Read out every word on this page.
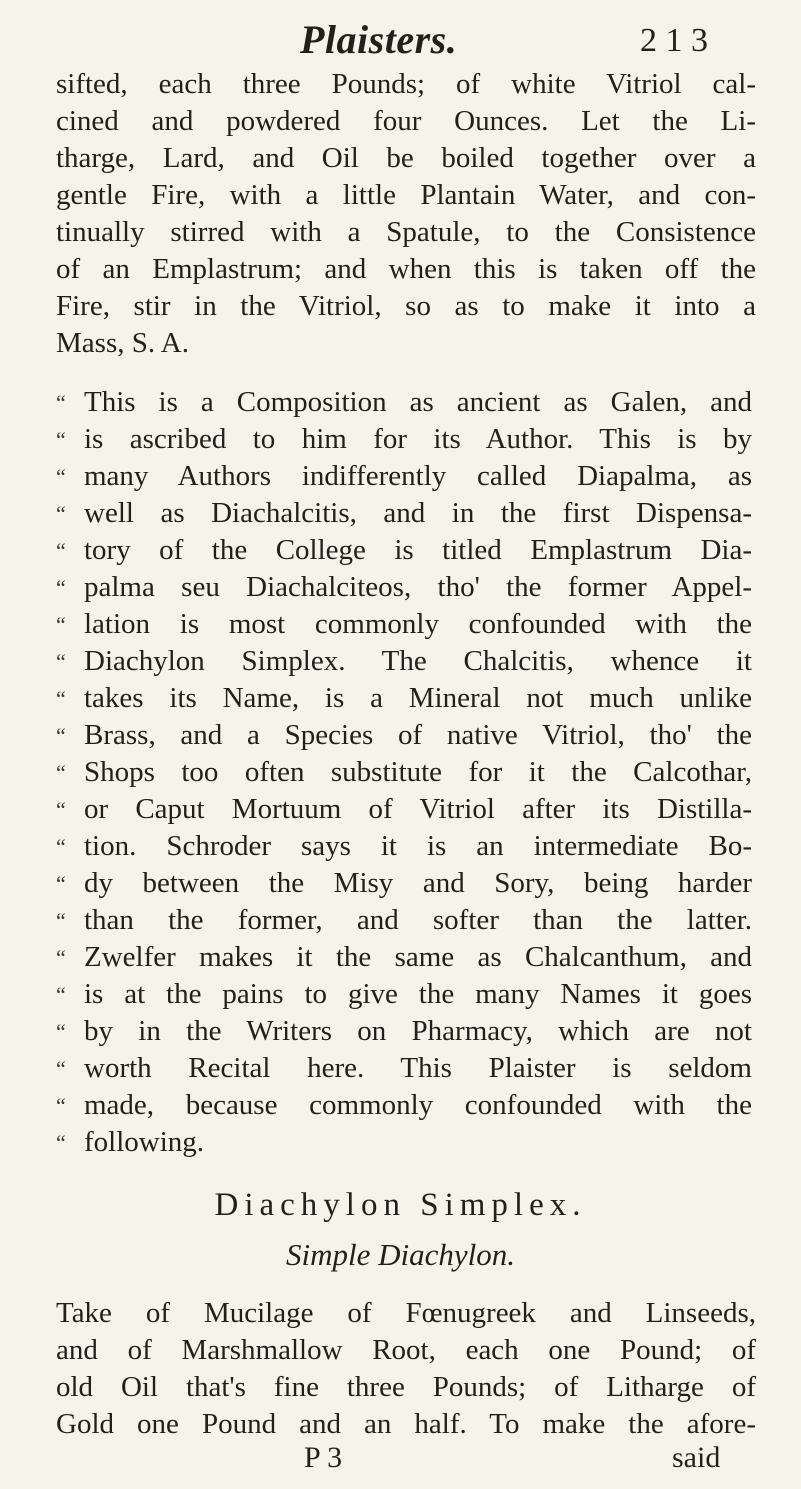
Plaisters.	2 1 3
sifted, each three Pounds; of white Vitriol cal-
cined and powdered four Ounces. Let the Li-
tharge, Lard, and Oil be boiled together over a
gentle Fire, with a little Plantain Water, and con-
tinually stirred with a Spatule, to the Consistence
of an Emplastrum; and when this is taken off the
Fire, stir in the Vitriol, so as to make it into a
Mass, S. A.
“ This is a Composition as ancient as Galen, and
“ is ascribed to him for its Author. This is by
“ many Authors indifferently called Diapalma, as
“ well as Diachalcitis, and in the first Dispensa-
“ tory of the College is titled Emplastrum Dia-
“ palma seu Diachalciteos, tho' the former Appel-
“ lation is most commonly confounded with the
“ Diachylon Simplex. The Chalcitis, whence it
“ takes its Name, is a Mineral not much unlike
“ Brass, and a Species of native Vitriol, tho' the
“ Shops too often substitute for it the Calcothar,
“ or Caput Mortuum of Vitriol after its Distilla-
“ tion. Schroder says it is an intermediate Bo-
“ dy between the Misy and Sory, being harder
“ than the former, and softer than the latter.
“ Zwelfer makes it the same as Chalcanthum, and
“ is at the pains to give the many Names it goes
“ by in the Writers on Pharmacy, which are not
“ worth Recital here. This Plaister is seldom
“ made, because commonly confounded with the
“ following.
Diachylon Simplex.
Simple Diachylon.
Take of Mucilage of Fœnugreek and Linseeds,
and of Marshmallow Root, each one Pound; of
old Oil that's fine three Pounds; of Litharge of
Gold one Pound and an half. To make the afore-
P 3	said
